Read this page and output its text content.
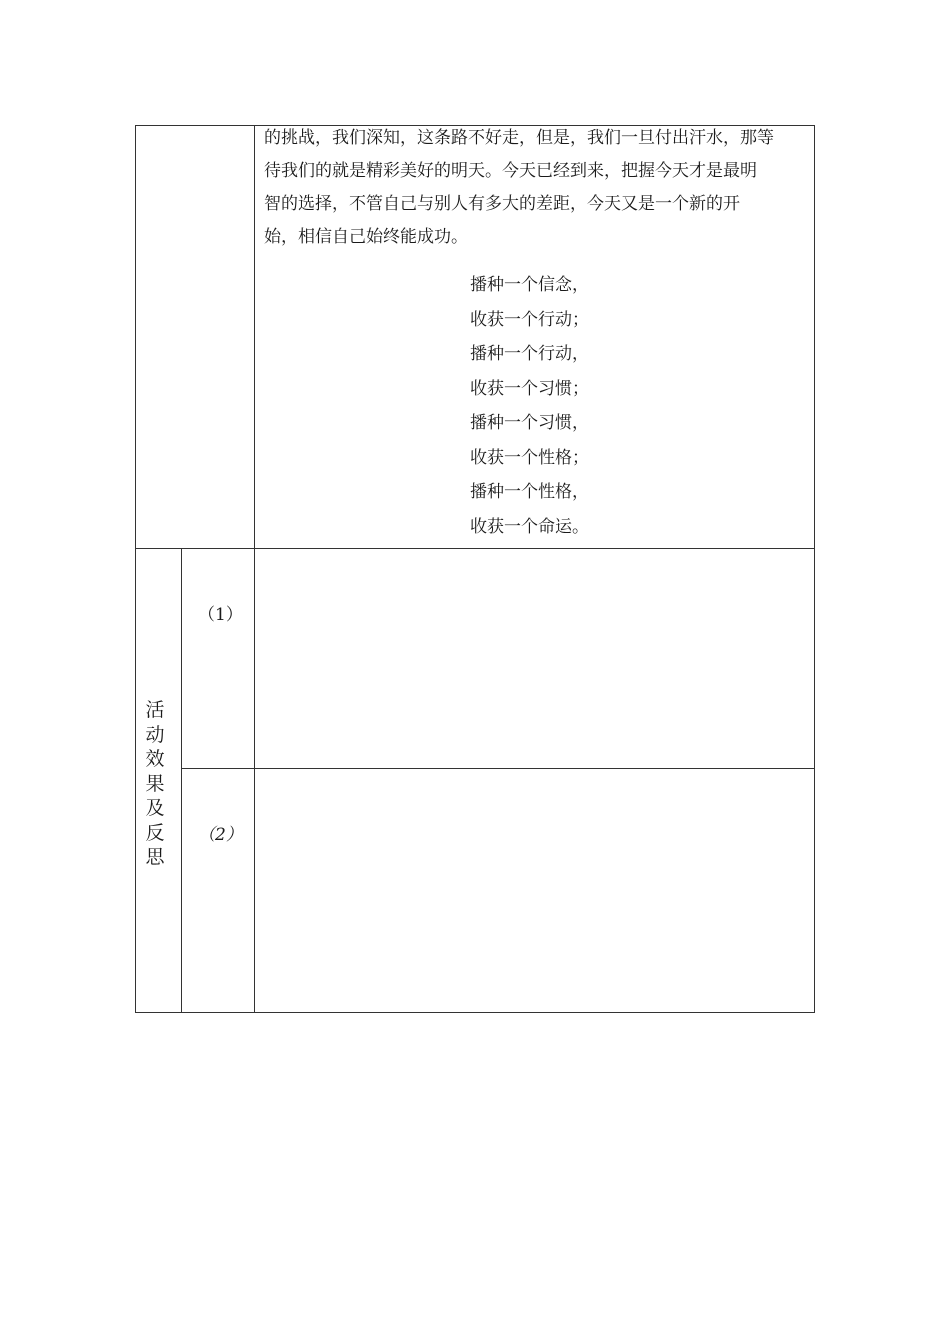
的挑战，我们深知，这条路不好走，但是，我们一旦付出汗水，那等
待我们的就是精彩美好的明天。今天已经到来，把握今天才是最明
智的选择，不管自己与别人有多大的差距，今天又是一个新的开
始，相信自己始终能成功。
播种一个信念，
收获一个行动；
播种一个行动，
收获一个习惯；
播种一个习惯，
收获一个性格；
播种一个性格，
收获一个命运。
活
动
效
果
及
反
思
（1）
（2）
